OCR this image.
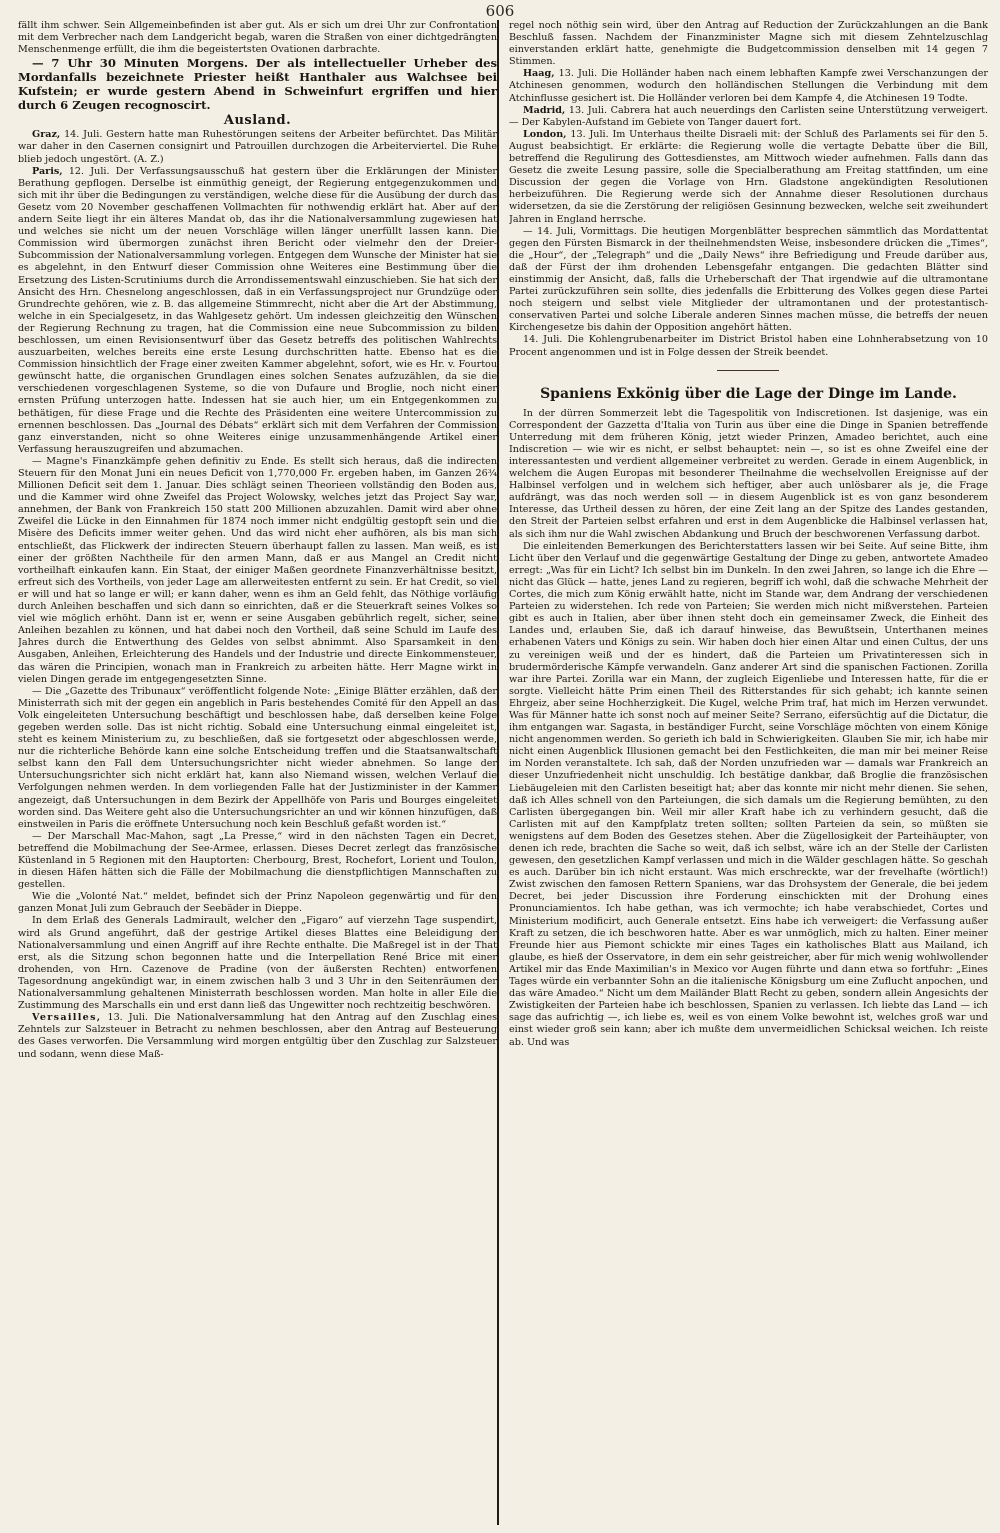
606

fällt ihm schwer. Sein Allgemeinbefinden ist aber gut. Als er sich um drei Uhr zur Confrontation mit dem Verbrecher nach dem Landgericht begab, waren die Straßen von einer dichtgedrängten Menschenmenge erfüllt, die ihm die begeistertsten Ovationen darbrachte.

— 7 Uhr 30 Minuten Morgens. Der als intellectueller Urheber des Mordanfalls bezeichnete Priester heißt Hanthaler aus Walchsee bei Kufstein; er wurde gestern Abend in Schweinfurt ergriffen und hier durch 6 Zeugen recognoscirt.

Ausland.

Graz, 14. Juli. Gestern hatte man Ruhestörungen seitens der Arbeiter befürchtet. Das Militär war daher in den Casernen consignirt und Patrouillen durchzogen die Arbeiterviertel. Die Ruhe blieb jedoch ungestört. (A. Z.)

Paris, 12. Juli. Der Verfassungsausschuß hat gestern über die Erklärungen der Minister Berathung gepflogen. Derselbe ist einmüthig geneigt, der Regierung entgegenzukommen und sich mit ihr über die Bedingungen zu verständigen, welche diese für die Ausübung der durch das Gesetz vom 20 November geschaffenen Vollmachten für nothwendig erklärt hat. Aber auf der andern Seite liegt ihr ein älteres Mandat ob, das ihr die Nationalversammlung zugewiesen hat und welches sie nicht um der neuen Vorschläge willen länger unerfüllt lassen kann. Die Commission wird übermorgen zunächst ihren Bericht oder vielmehr den der Dreier-Subcommission der Nationalversammlung vorlegen. Entgegen dem Wunsche der Minister hat sie es abgelehnt, in den Entwurf dieser Commission ohne Weiteres eine Bestimmung über die Ersetzung des Listen-Scrutiniums durch die Arrondissementswahl einzuschieben. Sie hat sich der Ansicht des Hrn. Chesnelong angeschlossen, daß in ein Verfassungsproject nur Grundzüge oder Grundrechte gehören, wie z. B. das allgemeine Stimmrecht, nicht aber die Art der Abstimmung, welche in ein Specialgesetz, in das Wahlgesetz gehört. Um indessen gleichzeitig den Wünschen der Regierung Rechnung zu tragen, hat die Commission eine neue Subcommission zu bilden beschlossen, um einen Revisionsentwurf über das Gesetz betreffs des politischen Wahlrechts auszuarbeiten, welches bereits eine erste Lesung durchschritten hatte. Ebenso hat es die Commission hinsichtlich der Frage einer zweiten Kammer abgelehnt, sofort, wie es Hr. v. Fourtou gewünscht hatte, die organischen Grundlagen eines solchen Senates aufzuzählen, da sie die verschiedenen vorgeschlagenen Systeme, so die von Dufaure und Broglie, noch nicht einer ernsten Prüfung unterzogen hatte. Indessen hat sie auch hier, um ein Entgegenkommen zu bethätigen, für diese Frage und die Rechte des Präsidenten eine weitere Untercommission zu ernennen beschlossen. Das „Journal des Débats“ erklärt sich mit dem Verfahren der Commission ganz einverstanden, nicht so ohne Weiteres einige unzusammenhängende Artikel einer Verfassung herauszugreifen und abzumachen.

— Magne's Finanzkämpfe gehen definitiv zu Ende. Es stellt sich heraus, daß die indirecten Steuern für den Monat Juni ein neues Deficit von 1,770,000 Fr. ergeben haben, im Ganzen 26¾ Millionen Deficit seit dem 1. Januar. Dies schlägt seinen Theorieen vollständig den Boden aus, und die Kammer wird ohne Zweifel das Project Wolowsky, welches jetzt das Project Say war, annehmen, der Bank von Frankreich 150 statt 200 Millionen abzuzahlen. Damit wird aber ohne Zweifel die Lücke in den Einnahmen für 1874 noch immer nicht endgültig gestopft sein und die Misère des Deficits immer weiter gehen. Und das wird nicht eher aufhören, als bis man sich entschließt, das Flickwerk der indirecten Steuern überhaupt fallen zu lassen. Man weiß, es ist einer der größten Nachtheile für den armen Mann, daß er aus Mangel an Credit nicht vortheilhaft einkaufen kann. Ein Staat, der einiger Maßen geordnete Finanzverhältnisse besitzt, erfreut sich des Vortheils, von jeder Lage am allerweitesten entfernt zu sein. Er hat Credit, so viel er will und hat so lange er will; er kann daher, wenn es ihm an Geld fehlt, das Nöthige vorläufig durch Anleihen beschaffen und sich dann so einrichten, daß er die Steuerkraft seines Volkes so viel wie möglich erhöht. Dann ist er, wenn er seine Ausgaben gebührlich regelt, sicher, seine Anleihen bezahlen zu können, und hat dabei noch den Vortheil, daß seine Schuld im Laufe des Jahres durch die Entwerthung des Geldes von selbst abnimmt. Also Sparsamkeit in den Ausgaben, Anleihen, Erleichterung des Handels und der Industrie und directe Einkommensteuer, das wären die Principien, wonach man in Frankreich zu arbeiten hätte. Herr Magne wirkt in vielen Dingen gerade im entgegengesetzten Sinne.

— Die „Gazette des Tribunaux“ veröffentlicht folgende Note: „Einige Blätter erzählen, daß der Ministerrath sich mit der gegen ein angeblich in Paris bestehendes Comité für den Appell an das Volk eingeleiteten Untersuchung beschäftigt und beschlossen habe, daß derselben keine Folge gegeben werden solle. Das ist nicht richtig. Sobald eine Untersuchung einmal eingeleitet ist, steht es keinem Ministerium zu, zu beschließen, daß sie fortgesetzt oder abgeschlossen werde, nur die richterliche Behörde kann eine solche Entscheidung treffen und die Staatsanwaltschaft selbst kann den Fall dem Untersuchungsrichter nicht wieder abnehmen. So lange der Untersuchungsrichter sich nicht erklärt hat, kann also Niemand wissen, welchen Verlauf die Verfolgungen nehmen werden. In dem vorliegenden Falle hat der Justizminister in der Kammer angezeigt, daß Untersuchungen in dem Bezirk der Appellhöfe von Paris und Bourges eingeleitet worden sind. Das Weitere geht also die Untersuchungsrichter an und wir können hinzufügen, daß einstweilen in Paris die eröffnete Untersuchung noch kein Beschluß gefaßt worden ist.“

— Der Marschall Mac-Mahon, sagt „La Presse,“ wird in den nächsten Tagen ein Decret, betreffend die Mobilmachung der See-Armee, erlassen. Dieses Decret zerlegt das französische Küstenland in 5 Regionen mit den Hauptorten: Cherbourg, Brest, Rochefort, Lorient und Toulon, in diesen Häfen hätten sich die Fälle der Mobilmachung die dienstpflichtigen Mannschaften zu gestellen.

Wie die „Volonté Nat.“ meldet, befindet sich der Prinz Napoleon gegenwärtig und für den ganzen Monat Juli zum Gebrauch der Seebäder in Dieppe.

In dem Erlaß des Generals Ladmirault, welcher den „Figaro“ auf vierzehn Tage suspendirt, wird als Grund angeführt, daß der gestrige Artikel dieses Blattes eine Beleidigung der Nationalversammlung und einen Angriff auf ihre Rechte enthalte. Die Maßregel ist in der That erst, als die Sitzung schon begonnen hatte und die Interpellation René Brice mit einer drohenden, von Hrn. Cazenove de Pradine (von der äußersten Rechten) entworfenen Tagesordnung angekündigt war, in einem zwischen halb 3 und 3 Uhr in den Seitenräumen der Nationalversammlung gehaltenen Ministerrath beschlossen worden. Man holte in aller Eile die Zustimmung des Marschalls ein und erst dann ließ das Ungewitter noch rechtzeitig beschwören.

Versailles, 13. Juli. Die Nationalversammlung hat den Antrag auf den Zuschlag eines Zehntels zur Salzsteuer in Betracht zu nehmen beschlossen, aber den Antrag auf Besteuerung des Gases verworfen. Die Versammlung wird morgen entgültig über den Zuschlag zur Salzsteuer und sodann, wenn diese Maß-

regel noch nöthig sein wird, über den Antrag auf Reduction der Zurückzahlungen an die Bank Beschluß fassen. Nachdem der Finanzminister Magne sich mit diesem Zehntelzuschlag einverstanden erklärt hatte, genehmigte die Budgetcommission denselben mit 14 gegen 7 Stimmen.

Haag, 13. Juli. Die Holländer haben nach einem lebhaften Kampfe zwei Verschanzungen der Atchinesen genommen, wodurch den holländischen Stellungen die Verbindung mit dem Atchinflusse gesichert ist. Die Holländer verloren bei dem Kampfe 4, die Atchinesen 19 Todte.

Madrid, 13. Juli. Cabrera hat auch neuerdings den Carlisten seine Unterstützung verweigert. — Der Kabylen-Aufstand im Gebiete von Tanger dauert fort.

London, 13. Juli. Im Unterhaus theilte Disraeli mit: der Schluß des Parlaments sei für den 5. August beabsichtigt. Er erklärte: die Regierung wolle die vertagte Debatte über die Bill, betreffend die Regulirung des Gottesdienstes, am Mittwoch wieder aufnehmen. Falls dann das Gesetz die zweite Lesung passire, solle die Specialberathung am Freitag stattfinden, um eine Discussion der gegen die Vorlage von Hrn. Gladstone angekündigten Resolutionen herbeizuführen. Die Regierung werde sich der Annahme dieser Resolutionen durchaus widersetzen, da sie die Zerstörung der religiösen Gesinnung bezwecken, welche seit zweihundert Jahren in England herrsche.

— 14. Juli, Vormittags. Die heutigen Morgenblätter besprechen sämmtlich das Mordattentat gegen den Fürsten Bismarck in der theilnehmendsten Weise, insbesondere drücken die „Times“, die „Hour“, der „Telegraph“ und die „Daily News“ ihre Befriedigung und Freude darüber aus, daß der Fürst der ihm drohenden Lebensgefahr entgangen. Die gedachten Blätter sind einstimmig der Ansicht, daß, falls die Urheberschaft der That irgendwie auf die ultramontane Partei zurückzuführen sein sollte, dies jedenfalls die Erbitterung des Volkes gegen diese Partei noch steigern und selbst viele Mitglieder der ultramontanen und der protestantisch-conservativen Partei und solche Liberale anderen Sinnes machen müsse, die betreffs der neuen Kirchengesetze bis dahin der Opposition angehört hätten.

14. Juli. Die Kohlengrubenarbeiter im District Bristol haben eine Lohnherabsetzung von 10 Procent angenommen und ist in Folge dessen der Streik beendet.

Spaniens Exkönig über die Lage der Dinge im Lande.

In der dürren Sommerzeit lebt die Tagespolitik von Indiscretionen. Ist dasjenige, was ein Correspondent der Gazzetta d'Italia von Turin aus über eine die Dinge in Spanien betreffende Unterredung mit dem früheren König, jetzt wieder Prinzen, Amadeo berichtet, auch eine Indiscretion — wie wir es nicht, er selbst behauptet: nein —, so ist es ohne Zweifel eine der interessantesten und verdient allgemeiner verbreitet zu werden. Gerade in einem Augenblick, in welchem die Augen Europas mit besonderer Theilnahme die wechselvollen Ereignisse auf der Halbinsel verfolgen und in welchem sich heftiger, aber auch unlösbarer als je, die Frage aufdrängt, was das noch werden soll — in diesem Augenblick ist es von ganz besonderem Interesse, das Urtheil dessen zu hören, der eine Zeit lang an der Spitze des Landes gestanden, den Streit der Parteien selbst erfahren und erst in dem Augenblicke die Halbinsel verlassen hat, als sich ihm nur die Wahl zwischen Abdankung und Bruch der beschworenen Verfassung darbot.

Die einleitenden Bemerkungen des Berichterstatters lassen wir bei Seite. Auf seine Bitte, ihm Licht über den Verlauf und die gegenwärtige Gestaltung der Dinge zu geben, antwortete Amadeo erregt: „Was für ein Licht? Ich selbst bin im Dunkeln. In den zwei Jahren, so lange ich die Ehre — nicht das Glück — hatte, jenes Land zu regieren, begriff ich wohl, daß die schwache Mehrheit der Cortes, die mich zum König erwählt hatte, nicht im Stande war, dem Andrang der verschiedenen Parteien zu widerstehen. Ich rede von Parteien; Sie werden mich nicht mißverstehen. Parteien gibt es auch in Italien, aber über ihnen steht doch ein gemeinsamer Zweck, die Einheit des Landes und, erlauben Sie, daß ich darauf hinweise, das Bewußtsein, Unterthanen meines erhabenen Vaters und Königs zu sein. Wir haben doch hier einen Altar und einen Cultus, der uns zu vereinigen weiß und der es hindert, daß die Parteien um Privatinteressen sich in brudermörderische Kämpfe verwandeln. Ganz anderer Art sind die spanischen Factionen. Zorilla war ihre Partei. Zorilla war ein Mann, der zugleich Eigenliebe und Interessen hatte, für die er sorgte. Vielleicht hätte Prim einen Theil des Ritterstandes für sich gehabt; ich kannte seinen Ehrgeiz, aber seine Hochherzigkeit. Die Kugel, welche Prim traf, hat mich im Herzen verwundet. Was für Männer hatte ich sonst noch auf meiner Seite? Serrano, eifersüchtig auf die Dictatur, die ihm entgangen war. Sagasta, in beständiger Furcht, seine Vorschläge möchten von einem Könige nicht angenommen werden. So gerieth ich bald in Schwierigkeiten. Glauben Sie mir, ich habe mir nicht einen Augenblick Illusionen gemacht bei den Festlichkeiten, die man mir bei meiner Reise im Norden veranstaltete. Ich sah, daß der Norden unzufrieden war — damals war Frankreich an dieser Unzufriedenheit nicht unschuldig. Ich bestätige dankbar, daß Broglie die französischen Liebäugeleien mit den Carlisten beseitigt hat; aber das konnte mir nicht mehr dienen. Sie sehen, daß ich Alles schnell von den Parteiungen, die sich damals um die Regierung bemühten, zu den Carlisten übergegangen bin. Weil mir aller Kraft habe ich zu verhindern gesucht, daß die Carlisten mit auf den Kampfplatz treten sollten; sollten Parteien da sein, so müßten sie wenigstens auf dem Boden des Gesetzes stehen. Aber die Zügellosigkeit der Parteihäupter, von denen ich rede, brachten die Sache so weit, daß ich selbst, wäre ich an der Stelle der Carlisten gewesen, den gesetzlichen Kampf verlassen und mich in die Wälder geschlagen hätte. So geschah es auch. Darüber bin ich nicht erstaunt. Was mich erschreckte, war der frevelhafte (wörtlich!) Zwist zwischen den famosen Rettern Spaniens, war das Drohsystem der Generale, die bei jedem Decret, bei jeder Discussion ihre Forderung einschickten mit der Drohung eines Pronunciamientos. Ich habe gethan, was ich vermochte; ich habe verabschiedet, Cortes und Ministerium modificirt, auch Generale entsetzt. Eins habe ich verweigert: die Verfassung außer Kraft zu setzen, die ich beschworen hatte. Aber es war unmöglich, mich zu halten. Einer meiner Freunde hier aus Piemont schickte mir eines Tages ein katholisches Blatt aus Mailand, ich glaube, es hieß der Osservatore, in dem ein sehr geistreicher, aber für mich wenig wohlwollender Artikel mir das Ende Maximilian's in Mexico vor Augen führte und dann etwa so fortfuhr: „Eines Tages würde ein verbannter Sohn an die italienische Königsburg um eine Zuflucht anpochen, und das wäre Amadeo.“ Nicht um dem Mailänder Blatt Recht zu geben, sondern allein Angesichts der Zwistigkeiten der Parteien habe ich beschlossen, Spanien zu verlassen. Ich liebte das Land — ich sage das aufrichtig —, ich liebe es, weil es von einem Volke bewohnt ist, welches groß war und einst wieder groß sein kann; aber ich mußte dem unvermeidlichen Schicksal weichen. Ich reiste ab. Und was
